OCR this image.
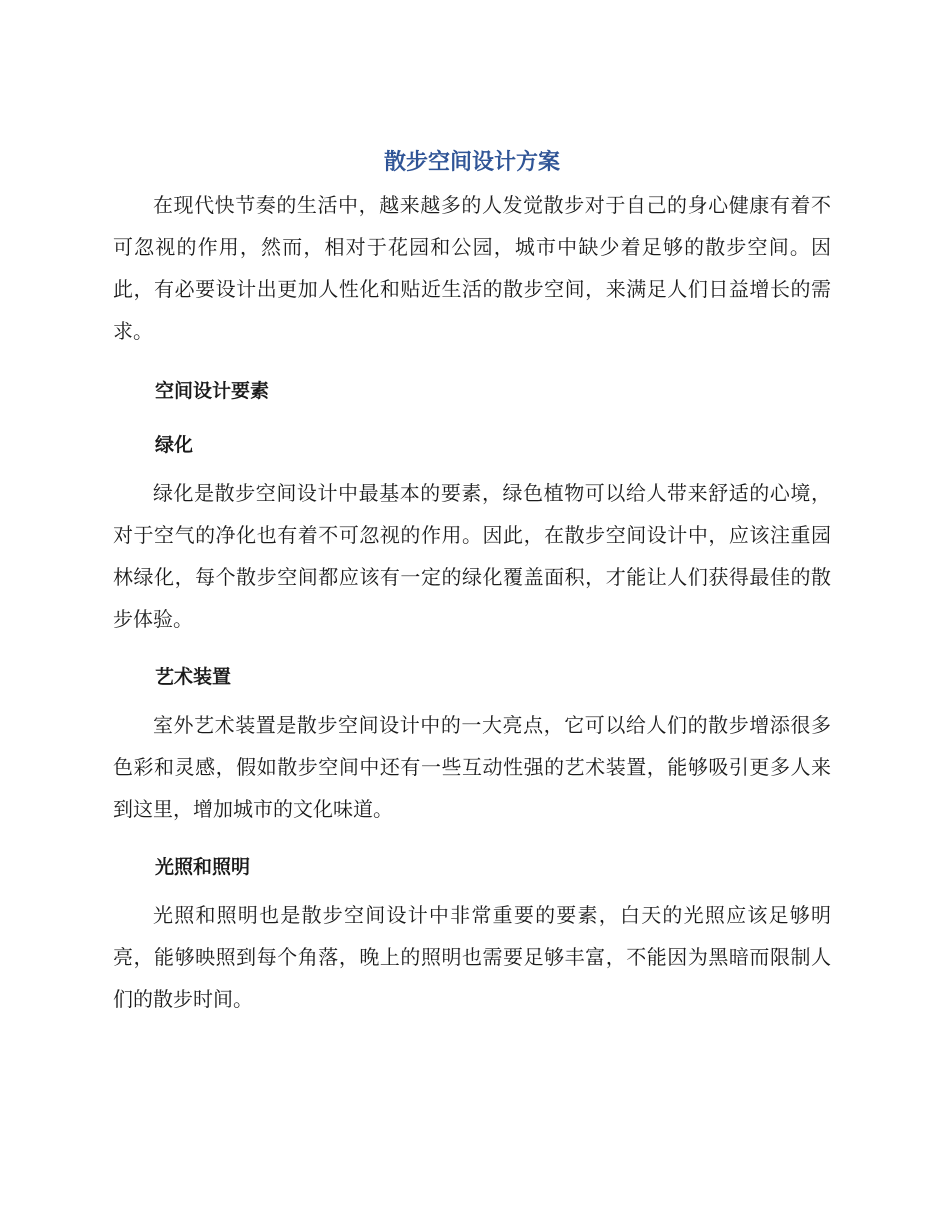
散步空间设计方案

在现代快节奏的生活中，越来越多的人发觉散步对于自己的身心健康有着不可忽视的作用，然而，相对于花园和公园，城市中缺少着足够的散步空间。因此，有必要设计出更加人性化和贴近生活的散步空间，来满足人们日益增长的需求。

空间设计要素
绿化

绿化是散步空间设计中最基本的要素，绿色植物可以给人带来舒适的心境，对于空气的净化也有着不可忽视的作用。因此，在散步空间设计中，应该注重园林绿化，每个散步空间都应该有一定的绿化覆盖面积，才能让人们获得最佳的散步体验。

艺术装置

室外艺术装置是散步空间设计中的一大亮点，它可以给人们的散步增添很多色彩和灵感，假如散步空间中还有一些互动性强的艺术装置，能够吸引更多人来到这里，增加城市的文化味道。

光照和照明

光照和照明也是散步空间设计中非常重要的要素，白天的光照应该足够明亮，能够映照到每个角落，晚上的照明也需要足够丰富，不能因为黑暗而限制人们的散步时间。
